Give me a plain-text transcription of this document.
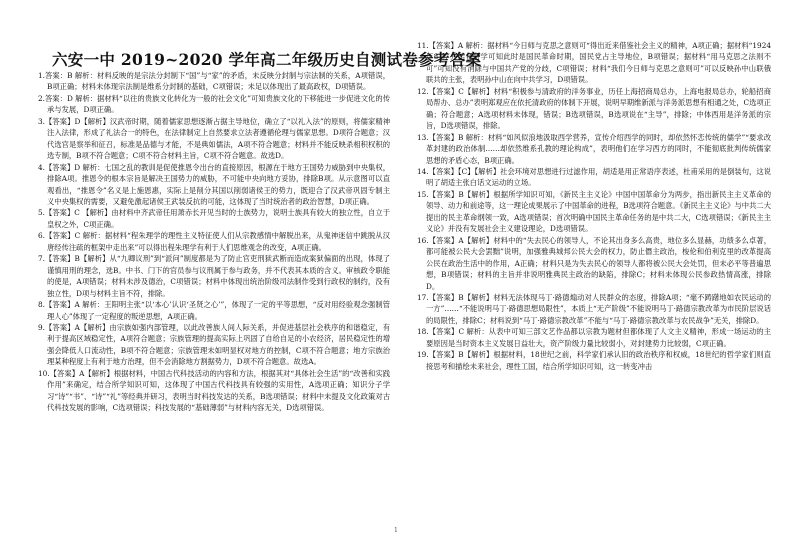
六安一中 2019~2020 学年高二年级历史自测试卷参考答案

1.答案：B 解析：材料反映的是宗法分封制下“国”与“家”的矛盾，未反映分封制与宗法制的关系，A项错误，B项正确；材料未体现宗法制是维系分封制的基础，C项错误；未足以体现出了最高政权，D项错误。

2.答案：D 解析：据材料“以往的贵族文化转化为一般的社会文化”可知贵族文化的下移能进一步促进文化的传承与发展，D项正确。

3.【答案】D【解析】汉武帝时期，随着儒家思想逐渐占据主导地位，确立了“以礼入法”的原则，将儒家精神注入法律，形成了礼法合一的特色，在法律制定上自然要求立法者遵循伦理与儒家思想。D项符合题意；汉代选官是察举和征召，标准是品德与才能，不是典如儒法，A项不符合题意；材料并不能反映杀相积权积的选专制，B项不符合题意；C项不符合材料主旨，C项不符合题意。故选D。

4.【答案】D 解析：七国之乱的教训是促使推恩令出台的直接原因，根源在于地方王国势力威胁到中央集权，排除A项。推恩令的根本宗旨是解决王国势力的威胁，不可能中央向地方妥协，排除B项。从示意图可以直观看出，“推恩令”名义是上施恩惠，实际上是削分其国以削弱诸侯王的势力，既迎合了汉武帝巩固专制主义中央集权的需要，又避免激起诸侯王武装反抗的可能，这体现了当时统治者的政治智慧，D项正确。

5.【答案】C 【解析】由材料中齐武帝任用萧赤长开见当时的士族势力，说明士族具有较大的独立性，自立于皇权之外，C项正确。

6.【答案】C 解析：据材料“程朱理学的理性主义特征使人们从宗教感情中解脱出来，从鬼神迷信中跳脱从汉唐经传注疏的框架中走出来”可以得出程朱理学有利于人们思维观念的改变，A项正确。

7.【答案】B【解析】从“九卿议刑”到“派问”制度都是为了防止官吏刑狱武断而造成案狱偏面的出现，体现了谨慎用刑的理念，选B。中书、门下的官员参与议刑属于参与政务，并不代表其本质的含义。审核政令职能的使是，A项错误；材料未涉及德治，C项错误；材料中体现出统治阶级司法制作受到行政权的制约，没有独立性，D项与材料主旨不符，排除。

8.【答案】A 解析：王阳明主张“以‘本心’认识‘圣贤之心’”，体现了一定的平等思想，“反对用经验观念强制管理人心”体现了一定程度的叛逆思想，A项正确。

9.【答案】A【解析】由宗族如强内部管理，以此改善族人间人际关系，并促进基层社会秩序的和谐稳定，有利于提高区域稳定性，A项符合题意；宗族管理的提高实际上巩固了自给自足的小农经济，居民稳定性的增强会降低人口流动性，B项不符合题意；宗族管理未如明显权对地方的控制，C项不符合题意；地方宗族治理某种程度上有利于地方治理，但不会消除地方割据势力，D项不符合题意。故选A。

10.【答案】A【解析】根据材料，中国古代科技活动的内容和方法，根据其对“具体社会生活”的“改善和实践作用”来确定，结合所学知识可知，这体现了中国古代科技具有较强的实用性，A选项正确；知识分子学习“诗”“书”、“诗”“礼”等经典并研习，表明当时科技发达的关系，B选项错误；材料中未提及文化政策对古代科技发展的影响，C选项错误；科技发展的“基础薄弱”与材料内容无关，D选项错误。

11.【答案】A 解析：据材料“今日师与克思之意则可“得出近来借鉴社会主义的精神，A项正确；据材料“1924年8月”并结合所学可知此时是国民革命时期，国民党占主导地位，B项错误；据材料“用马克思之法则不可”可知没有消除与中国共产党的分歧，C项错误；材料“我们今日师与克思之意则可”可以反映孙中山联俄联共的主张，表明孙中山在向中共学习，D项错误。

12.【答案】C【解析】材料“积极参与清政府的洋务事业，历任上海招商局总办，上海电报局总办，轮船招商局帮办、总办”表明郑观应在依托清政府的体制下开展，说明早期维新派与洋务派思想有相通之处，C选项正确；符合题意；A选项材料未体现，错误；B选项错误，B选项说在“主导”，排除；中体西用是洋务派的宗旨，D选项错误，排除。

13.【答案】B 解析：材料“如风似浪地汲取西学营养，宣传介绍西学的同时，却依然怀恋传统的儒学”“要求改革封建的政治体制……却依然维系孔教的理论构成”，表明他们在学习西方的同时，不能彻底批判传统儒家思想的矛盾心态，B项正确。

14.【答案】【C】【解析】社会环境对思想进行过滤作用，胡适是用正常语序表述，杜甫采用的是倒装句，这说明了胡适主张白话文运动的立场。

15.【答案】B【解析】根据所学知识可知，《新民主主义论》中国中国革命分为两步，指出新民主主义革命的领导、动力和前途等，这一理论成果展示了中国革命的进程，B选项符合题意。《新民主主义论》与中共二大提出的民主革命纲领一致，A选项错误；首次明确中国民主革命任务的是中共二大，C选项错误；《新民主主义论》并没有发展社会主义建设理论，D选项错误。

16.【答案】A【解析】材料中的“失去民心的领导人，不论其出身多么高贵，地位多么显赫，功绩多么卓著，都可能被公民大会罢黜”说明，加强雅典城邦公民大会的权力，防止僭主政治，梭伦和伯利克里的改革提高公民在政治生活中的作用，A正确；材料只是为失去民心的领导人都将被公民大会处罚，但未必平等普遍思想，B项错误；材料的主旨并非说明雅典民主政治的缺陷，排除C；材料未体现公民参政热情高涨，排除D。

17.【答案】B【解析】材料无法体现马丁·路德煽动对人民群众的态度，排除A项；“毫不踌躇地如农民运动的一方”……“不能说明马丁·路德思想局限性”，本质上“无产阶级”不能说明马丁·路德宗教改革为市民阶层说话的局限性，排除C；材料说到“马丁·路德宗教改革”不能与“马丁·路德宗教改革与农民战争”无关，排除D。

18.【答案】C 解析：从表中可知三部文艺作品都以宗教为题材但都体现了人文主义精神，形成一场运动的主要原因是当时资本主义发展日益壮大，资产阶级力量比较弱小，对封建势力比较弱，C项正确。

19.【答案】B【解析】根据材料，18世纪之前，科学家们承认旧的政治秩序和权威，18世纪的哲学家们则直接思考和描绘未来社会，理性工国，结合所学知识可知，这一转变冲击

1
